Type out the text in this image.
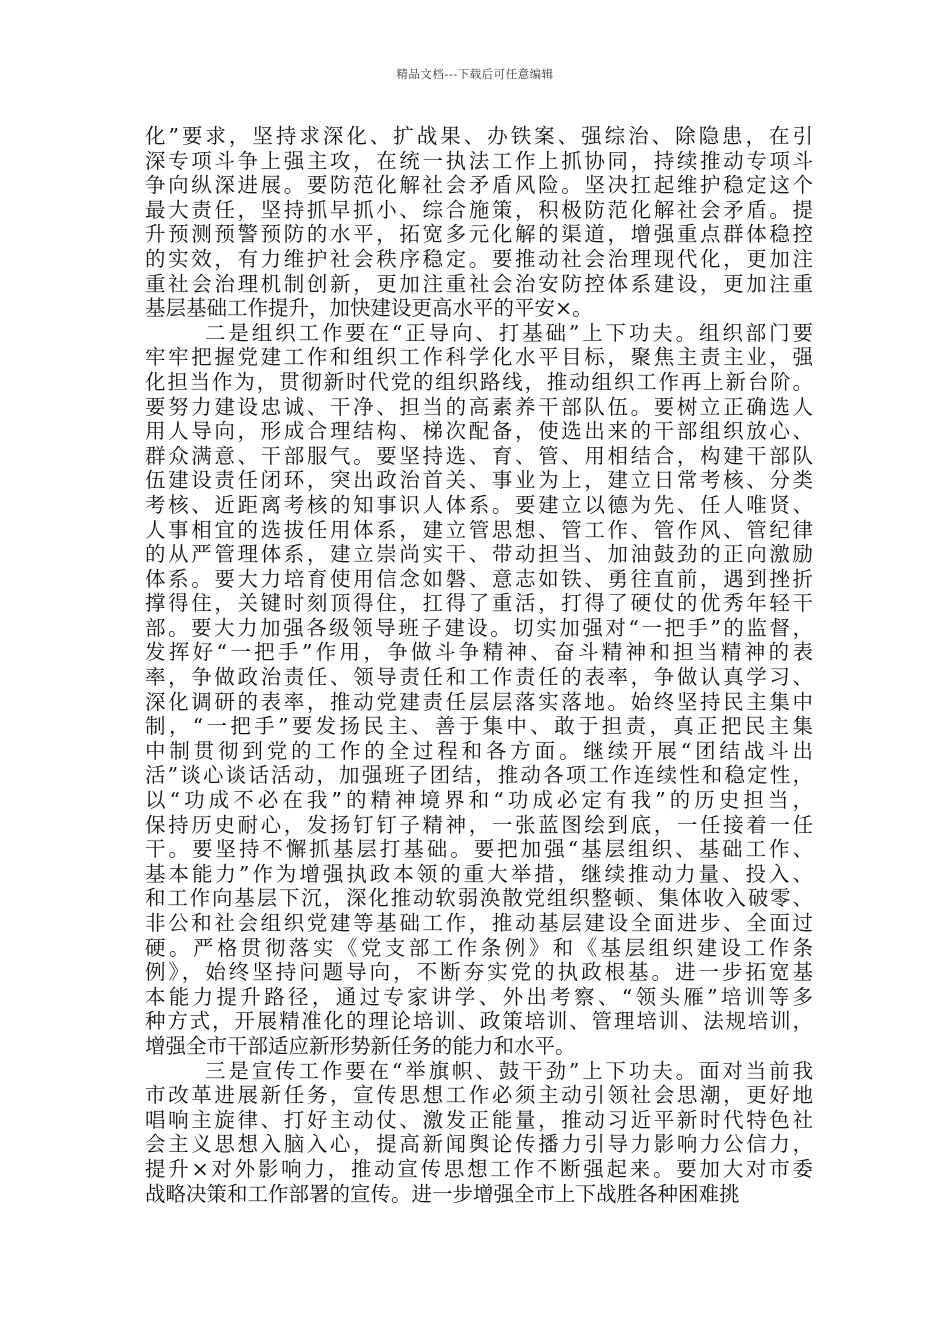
精品文档---下载后可任意编辑
化”要求，坚持求深化、扩战果、办铁案、强综治、除隐患，在引
深专项斗争上强主攻，在统一执法工作上抓协同，持续推动专项斗
争向纵深进展。要防范化解社会矛盾风险。坚决扛起维护稳定这个
最大责任，坚持抓早抓小、综合施策，积极防范化解社会矛盾。提
升预测预警预防的水平，拓宽多元化解的渠道，增强重点群体稳控
的实效，有力维护社会秩序稳定。要推动社会治理现代化，更加注
重社会治理机制创新，更加注重社会治安防控体系建设，更加注重
基层基础工作提升，加快建设更高水平的平安×。
二是组织工作要在“正导向、打基础”上下功夫。组织部门要
牢牢把握党建工作和组织工作科学化水平目标，聚焦主责主业，强
化担当作为，贯彻新时代党的组织路线，推动组织工作再上新台阶。
要努力建设忠诚、干净、担当的高素养干部队伍。要树立正确选人
用人导向，形成合理结构、梯次配备，使选出来的干部组织放心、
群众满意、干部服气。要坚持选、育、管、用相结合，构建干部队
伍建设责任闭环，突出政治首关、事业为上，建立日常考核、分类
考核、近距离考核的知事识人体系。要建立以德为先、任人唯贤、
人事相宜的选拔任用体系，建立管思想、管工作、管作风、管纪律
的从严管理体系，建立崇尚实干、带动担当、加油鼓劲的正向激励
体系。要大力培育使用信念如磐、意志如铁、勇往直前，遇到挫折
撑得住，关键时刻顶得住，扛得了重活，打得了硬仗的优秀年轻干
部。要大力加强各级领导班子建设。切实加强对“一把手”的监督，
发挥好“一把手”作用，争做斗争精神、奋斗精神和担当精神的表
率，争做政治责任、领导责任和工作责任的表率，争做认真学习、
深化调研的表率，推动党建责任层层落实落地。始终坚持民主集中
制，“一把手”要发扬民主、善于集中、敢于担责，真正把民主集
中制贯彻到党的工作的全过程和各方面。继续开展“团结战斗出
活”谈心谈话活动，加强班子团结，推动各项工作连续性和稳定性，
以“功成不必在我”的精神境界和“功成必定有我”的历史担当，
保持历史耐心，发扬钉钉子精神，一张蓝图绘到底，一任接着一任
干。要坚持不懈抓基层打基础。要把加强“基层组织、基础工作、
基本能力”作为增强执政本领的重大举措，继续推动力量、投入、
和工作向基层下沉，深化推动软弱涣散党组织整顿、集体收入破零、
非公和社会组织党建等基础工作，推动基层建设全面进步、全面过
硬。严格贯彻落实《党支部工作条例》和《基层组织建设工作条
例》，始终坚持问题导向，不断夯实党的执政根基。进一步拓宽基
本能力提升路径，通过专家讲学、外出考察、“领头雁”培训等多
种方式，开展精准化的理论培训、政策培训、管理培训、法规培训，
增强全市干部适应新形势新任务的能力和水平。
三是宣传工作要在“举旗帜、鼓干劲”上下功夫。面对当前我
市改革进展新任务，宣传思想工作必须主动引领社会思潮，更好地
唱响主旋律、打好主动仗、激发正能量，推动习近平新时代特色社
会主义思想入脑入心，提高新闻舆论传播力引导力影响力公信力，
提升×对外影响力，推动宣传思想工作不断强起来。要加大对市委
战略决策和工作部署的宣传。进一步增强全市上下战胜各种困难挑
